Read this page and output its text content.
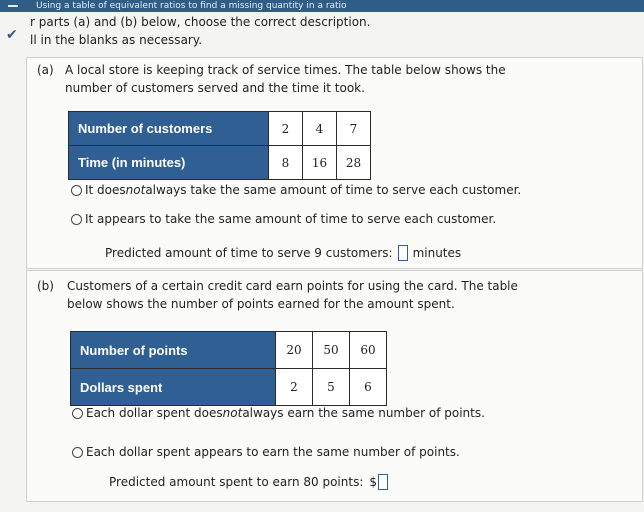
Using a table of equivalent ratios to find a missing quantity in a ratio
✔
r parts (a) and (b) below, choose the correct description.
ll in the blanks as necessary.
(a) A local store is keeping track of service times. The table below shows the
number of customers served and the time it took.
Number of customers	2	4	7
Time (in minutes)	8	16	28
It does not always take the same amount of time to serve each customer.
It appears to take the same amount of time to serve each customer.
Predicted amount of time to serve 9 customers: minutes
(b) Customers of a certain credit card earn points for using the card. The table
below shows the number of points earned for the amount spent.
Number of points	20	50	60
Dollars spent	2	5	6
Each dollar spent does not always earn the same number of points.
Each dollar spent appears to earn the same number of points.
Predicted amount spent to earn 80 points: $
